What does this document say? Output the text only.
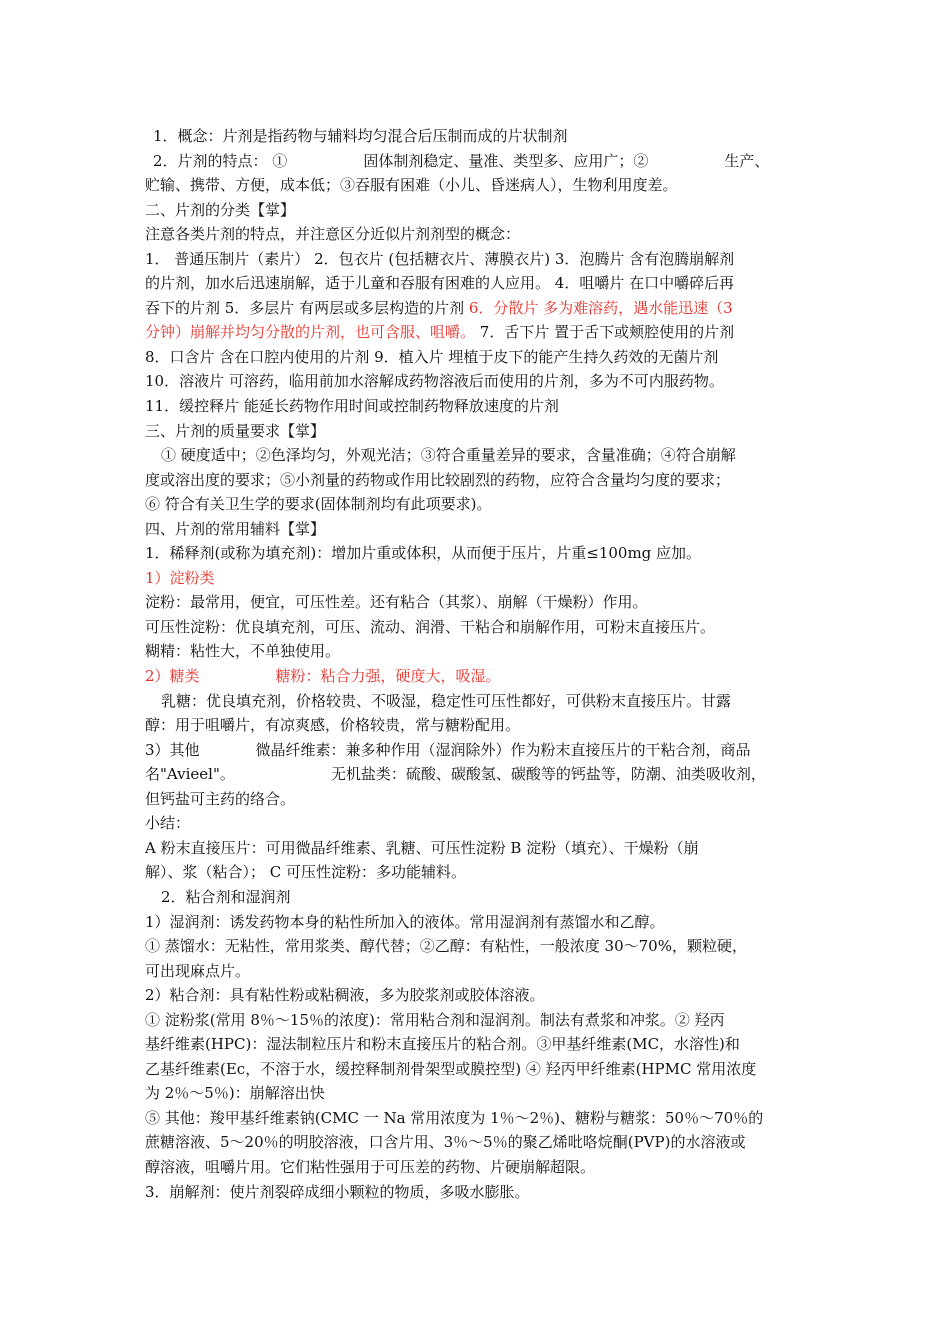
1．概念：片剂是指药物与辅料均匀混合后压制而成的片状制剂
2．片剂的特点： ①	固体制剂稳定、量准、类型多、应用广；②	生产、
贮输、携带、方便，成本低；③吞服有困难（小儿、昏迷病人），生物利用度差。
二、片剂的分类【掌】
注意各类片剂的特点，并注意区分近似片剂剂型的概念：
1． 普通压制片（素片） 2．包衣片 (包括糖衣片、薄膜衣片) 3．泡腾片 含有泡腾崩解剂
的片剂，加水后迅速崩解，适于儿童和吞服有困难的人应用。 4．咀嚼片 在口中嚼碎后再
吞下的片剂 5．多层片 有两层或多层构造的片剂 6．分散片 多为难溶药，遇水能迅速（3
分钟）崩解并均匀分散的片剂，也可含服、咀嚼。 7．舌下片 置于舌下或颊腔使用的片剂
8．口含片 含在口腔内使用的片剂 9．植入片 埋植于皮下的能产生持久药效的无菌片剂
10．溶液片 可溶药，临用前加水溶解成药物溶液后而使用的片剂，多为不可内服药物。
11．缓控释片 能延长药物作用时间或控制药物释放速度的片剂
三、片剂的质量要求【掌】
① 硬度适中；②色泽均匀，外观光洁；③符合重量差异的要求，含量准确；④符合崩解
度或溶出度的要求；⑤小剂量的药物或作用比较剧烈的药物，应符合含量均匀度的要求；
⑥ 符合有关卫生学的要求(固体制剂均有此项要求)。
四、片剂的常用辅料【掌】
1．稀释剂(或称为填充剂)：增加片重或体积，从而便于压片，片重≤100mg 应加。
1）淀粉类
淀粉：最常用，便宜，可压性差。还有粘合（其浆）、崩解（干燥粉）作用。
可压性淀粉：优良填充剂，可压、流动、润滑、干粘合和崩解作用，可粉末直接压片。
糊精：粘性大，不单独使用。
2）糖类	糖粉：粘合力强，硬度大，吸湿。
乳糖：优良填充剂，价格较贵、不吸湿，稳定性可压性都好，可供粉末直接压片。甘露
醇：用于咀嚼片，有凉爽感，价格较贵，常与糖粉配用。
3）其他	微晶纤维素：兼多种作用（湿润除外）作为粉末直接压片的干粘合剂，商品
名"Avieel"。	无机盐类：硫酸、碳酸氢、碳酸等的钙盐等，防潮、油类吸收剂，
但钙盐可主药的络合。
小结：
A 粉末直接压片：可用微晶纤维素、乳糖、可压性淀粉 B 淀粉（填充）、干燥粉（崩
解）、浆（粘合）； C 可压性淀粉：多功能辅料。
2．粘合剂和湿润剂
1）湿润剂：诱发药物本身的粘性所加入的液体。常用湿润剂有蒸馏水和乙醇。
① 蒸馏水：无粘性，常用浆类、醇代替；②乙醇：有粘性，一般浓度 30～70%，颗粒硬，
可出现麻点片。
2）粘合剂：具有粘性粉或粘稠液，多为胶浆剂或胶体溶液。
① 淀粉浆(常用 8％～15％的浓度)：常用粘合剂和湿润剂。制法有煮浆和冲浆。② 羟丙
基纤维素(HPC)：湿法制粒压片和粉末直接压片的粘合剂。③甲基纤维素(MC，水溶性)和
乙基纤维素(Ec，不溶于水，缓控释制剂骨架型或膜控型) ④ 羟丙甲纤维素(HPMC 常用浓度
为 2％～5％)：崩解溶出快
⑤ 其他：羧甲基纤维素钠(CMC 一 Na 常用浓度为 1％～2％)、糖粉与糖浆：50％～70％的
蔗糖溶液、5～20％的明胶溶液，口含片用、3％～5％的聚乙烯吡咯烷酮(PVP)的水溶液或
醇溶液，咀嚼片用。它们粘性强用于可压差的药物、片硬崩解超限。
3．崩解剂：使片剂裂碎成细小颗粒的物质，多吸水膨胀。
